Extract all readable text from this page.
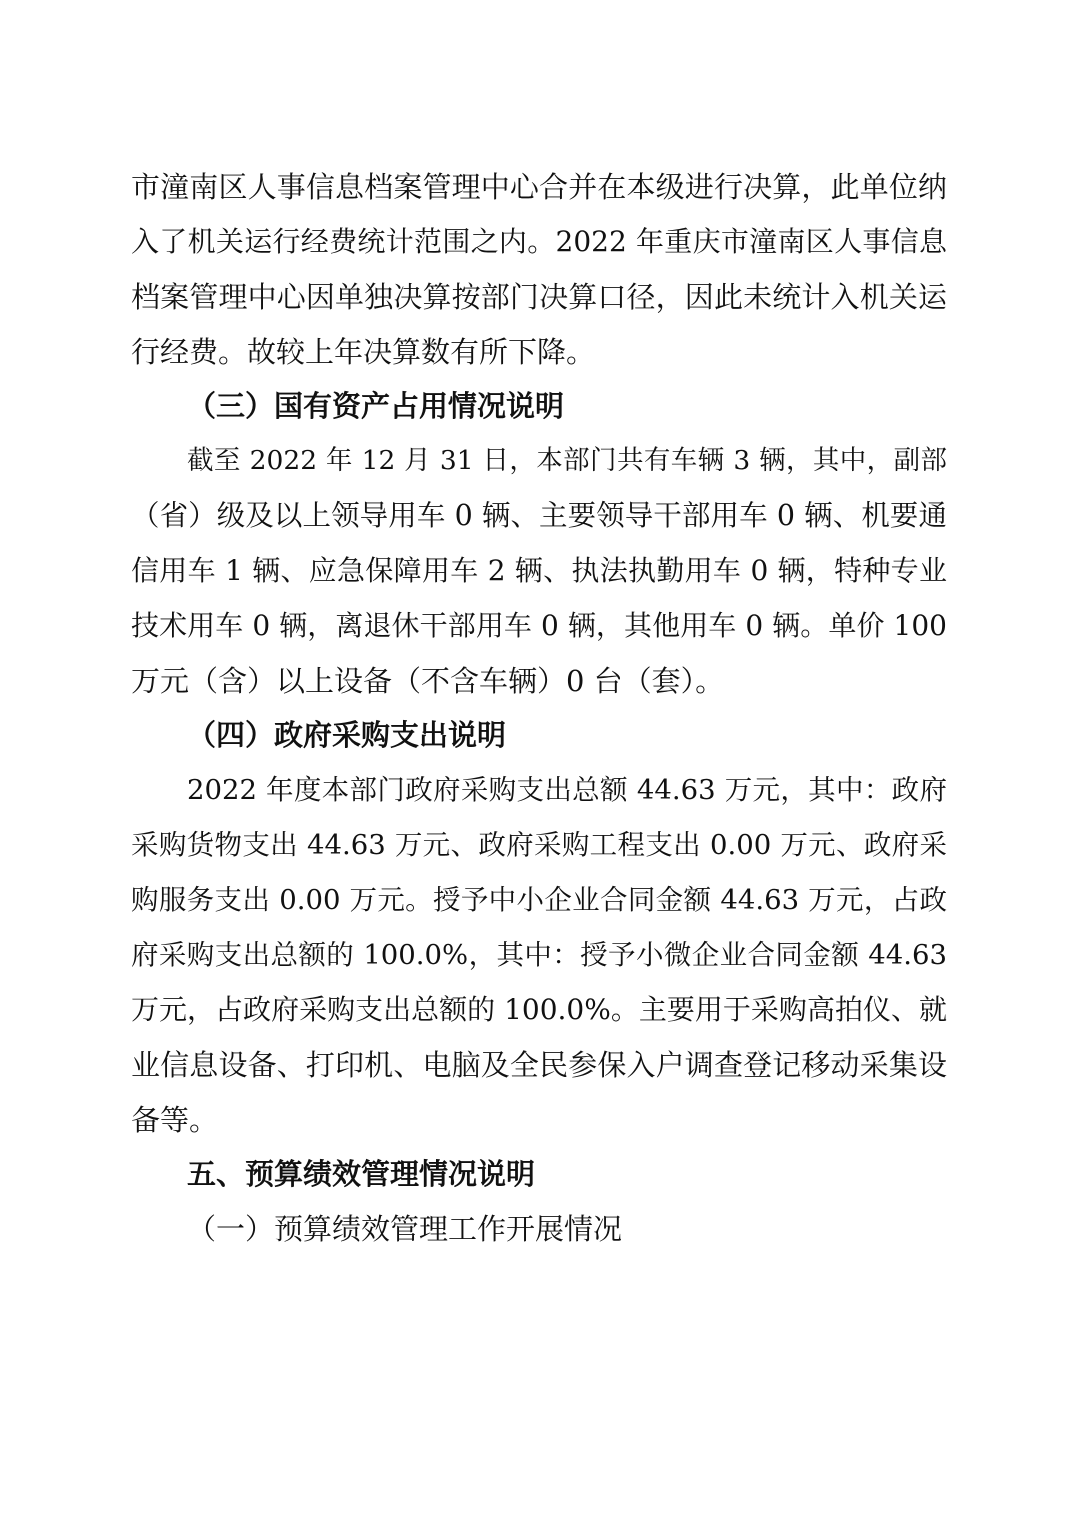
市潼南区人事信息档案管理中心合并在本级进行决算，此单位纳
入了机关运行经费统计范围之内。2022 年重庆市潼南区人事信息
档案管理中心因单独决算按部门决算口径，因此未统计入机关运
行经费。故较上年决算数有所下降。
（三）国有资产占用情况说明
截至 2022 年 12 月 31 日，本部门共有车辆 3 辆，其中，副部
（省）级及以上领导用车 0 辆、主要领导干部用车 0 辆、机要通
信用车 1 辆、应急保障用车 2 辆、执法执勤用车 0 辆，特种专业
技术用车 0 辆，离退休干部用车 0 辆，其他用车 0 辆。单价 100
万元（含）以上设备（不含车辆）0 台（套）。
（四）政府采购支出说明
2022 年度本部门政府采购支出总额 44.63 万元，其中：政府
采购货物支出 44.63 万元、政府采购工程支出 0.00 万元、政府采
购服务支出 0.00 万元。授予中小企业合同金额 44.63 万元，占政
府采购支出总额的 100.0%，其中：授予小微企业合同金额 44.63
万元，占政府采购支出总额的 100.0%。主要用于采购高拍仪、就
业信息设备、打印机、电脑及全民参保入户调查登记移动采集设
备等。
五、预算绩效管理情况说明
（一）预算绩效管理工作开展情况
